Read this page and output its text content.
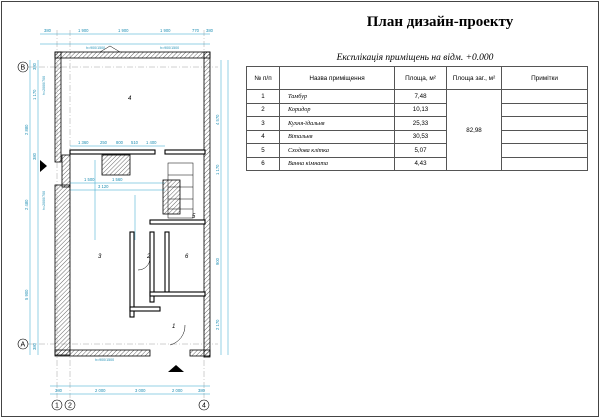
380	1 900	1 900	1 900	770 380
1 360	250 800 510 1 400
1 500	1 560
3 120
380	2 000	3 000	2 000	380
380
1 170
2 880
380
2 480
5 900
380
4 570
1 170
900
2 170
h=900/1500	h=900/1500
h=900/1500
h=2000/700
h=2000/700
4
3	2	6
5
1
В
А
1 2	4
План дизайн-проекту
Експлікація приміщень на відм. +0.000
№ п/п	Назва приміщення	Площа, м²	Площа заг., м²	Примітки
1	Тамбур	7,48	82,98	
2	Коридор	10,13		
3	Кухня-їдальня	25,33		
4	Вітальня	30,53		
5	Сходова клітка	5,07		
6	Ванна кімната	4,43		
